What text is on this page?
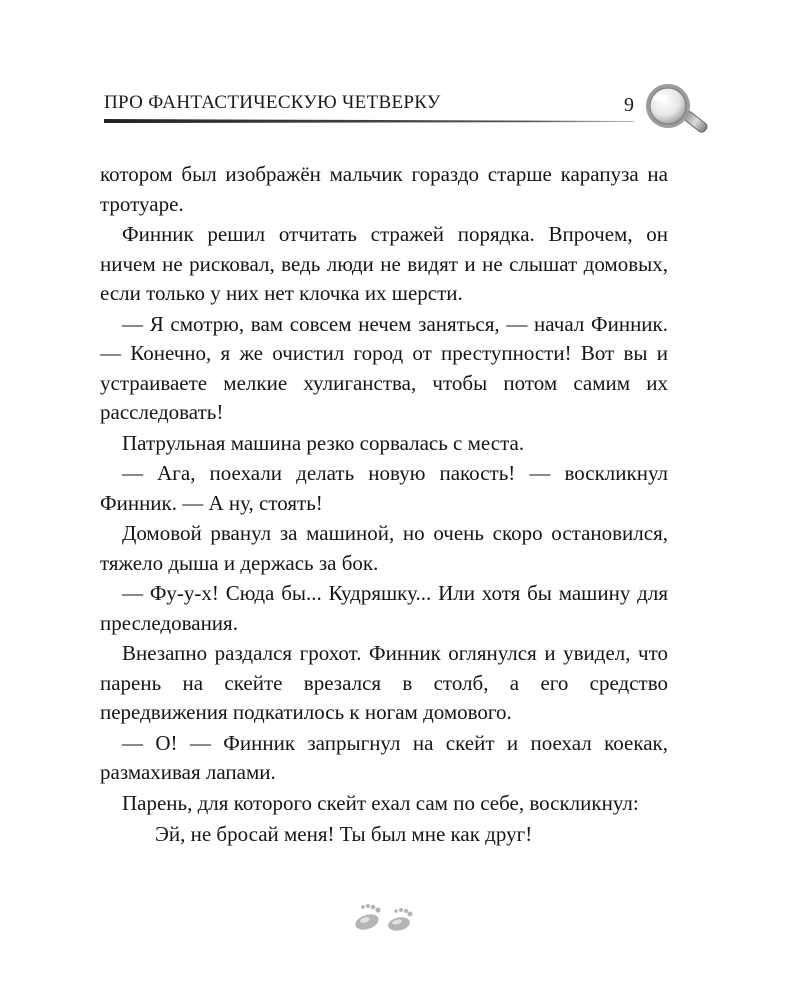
ПРО ФАНТАСТИЧЕСКУЮ ЧЕТВЕРКУ	9

котором был изображён мальчик гораздо старше карапуза на тротуаре.

Финник решил отчитать стражей порядка. Впрочем, он ничем не рисковал, ведь люди не видят и не слышат домовых, если только у них нет клочка их шерсти.

— Я смотрю, вам совсем нечем заняться, — начал Финник. — Конечно, я же очистил город от преступности! Вот вы и устраиваете мелкие хулиганства, чтобы потом самим их расследовать!

Патрульная машина резко сорвалась с места.

— Ага, поехали делать новую пакость! — воскликнул Финник. — А ну, стоять!

Домовой рванул за машиной, но очень скоро остановился, тяжело дыша и держась за бок.

— Фу-у-х! Сюда бы... Кудряшку... Или хотя бы машину для преследования.

Внезапно раздался грохот. Финник оглянулся и увидел, что парень на скейте врезался в столб, а его средство передвижения подкатилось к ногам домового.

— О! — Финник запрыгнул на скейт и поехал коекак, размахивая лапами.

Парень, для которого скейт ехал сам по себе, воскликнул:

Эй, не бросай меня! Ты был мне как друг!
